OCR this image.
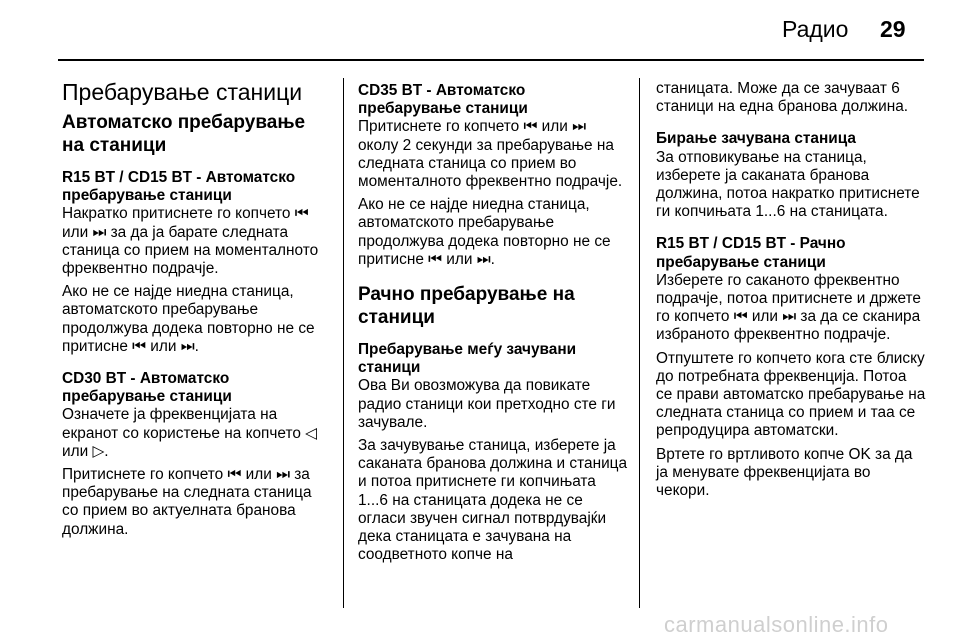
Радио 29
Пребарување станици
Автоматско пребарување на станици
R15 BT / CD15 BT - Автоматско пребарување станици

Накратко притиснете го копчето ⏮ или ⏭ за да ја барате следната станица со прием на моменталното фреквентно подрачје.

Ако не се најде ниедна станица, автоматското пребарување продолжува додека повторно не се притисне ⏮ или ⏭.

CD30 BT - Автоматско пребарување станици

Означете ја фреквенцијата на екранот со користење на копчето ◁ или ▷.

Притиснете го копчето ⏮ или ⏭ за пребарување на следната станица со прием во актуелната бранова должина.

CD35 BT - Автоматско пребарување станици

Притиснете го копчето ⏮ или ⏭ околу 2 секунди за пребарување на следната станица со прием во моменталното фреквентно подрачје.

Ако не се најде ниедна станица, автоматското пребарување продолжува додека повторно не се притисне ⏮ или ⏭.

Рачно пребарување на станици
Пребарување меѓу зачувани станици

Ова Ви овозможува да повикате радио станици кои претходно сте ги зачувале.

За зачувување станица, изберете ја саканата бранова должина и станица и потоа притиснете ги копчињата 1...6 на станицата додека не се огласи звучен сигнал потврдувајќи дека станицата е зачувана на соодветното копче на

станицата. Може да се зачуваат 6 станици на една бранова должина.

Бирање зачувана станица

За отповикување на станица, изберете ја саканата бранова должина, потоа накратко притиснете ги копчињата 1...6 на станицата.

R15 BT / CD15 BT - Рачно пребарување станици

Изберете го саканото фреквентно подрачје, потоа притиснете и држете го копчето ⏮ или ⏭ за да се сканира избраното фреквентно подрачје.

Отпуштете го копчето кога сте блиску до потребната фреквенција. Потоа се прави автоматско пребарување на следната станица со прием и таа се репродуцира автоматски.

Вртете го вртливото копче OK за да ја менувате фреквенцијата во чекори.

carmanualsonline.info
